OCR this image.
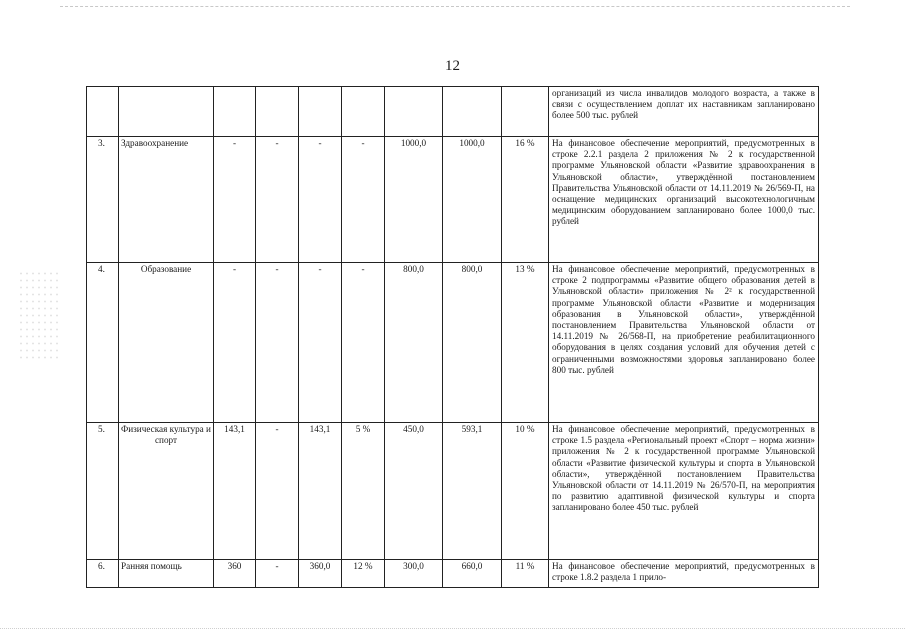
12
									организаций из числа инвалидов молодого возраста, а также в связи с осуществлением доплат их наставникам запланировано более 500 тыс. рублей
3.	Здравоохранение	-	-	-	-	1000,0	1000,0	16 %	На финансовое обеспечение мероприятий, предусмотренных в строке 2.2.1 раздела 2 приложения № 2 к государственной программе Ульяновской области «Развитие здравоохранения в Ульяновской области», утверждённой постановлением Правительства Ульяновской области от 14.11.2019 № 26/569-П, на оснащение медицинских организаций высокотехнологичным медицинским оборудованием запланировано более 1000,0 тыс. рублей
4.	Образование	-	-	-	-	800,0	800,0	13 %	На финансовое обеспечение мероприятий, предусмотренных в строке 2 подпрограммы «Развитие общего образования детей в Ульяновской области» приложения № 2² к государственной программе Ульяновской области «Развитие и модернизация образования в Ульяновской области», утверждённой постановлением Правительства Ульяновской области от 14.11.2019 № 26/568-П, на приобретение реабилитационного оборудования в целях создания условий для обучения детей с ограниченными возможностями здоровья запланировано более 800 тыс. рублей
5.	Физическая культура и спорт	143,1	-	143,1	5 %	450,0	593,1	10 %	На финансовое обеспечение мероприятий, предусмотренных в строке 1.5 раздела «Региональный проект «Спорт – норма жизни» приложения № 2 к государственной программе Ульяновской области «Развитие физической культуры и спорта в Ульяновской области», утверждённой постановлением Правительства Ульяновской области от 14.11.2019 № 26/570-П, на мероприятия по развитию адаптивной физической культуры и спорта запланировано более 450 тыс. рублей
6.	Ранняя помощь	360	-	360,0	12 %	300,0	660,0	11 %	На финансовое обеспечение мероприятий, предусмотренных в строке 1.8.2 раздела 1 прило-
